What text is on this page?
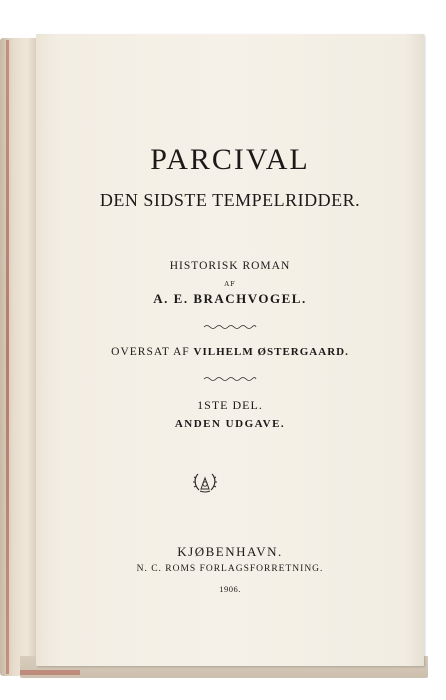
PARCIVAL
DEN SIDSTE TEMPELRIDDER.
HISTORISK ROMAN
AF
A. E. BRACHVOGEL.
OVERSAT AF VILHELM ØSTERGAARD.
1STE DEL.
ANDEN UDGAVE.
KJØBENHAVN.
N. C. ROMS FORLAGSFORRETNING.
1906.
